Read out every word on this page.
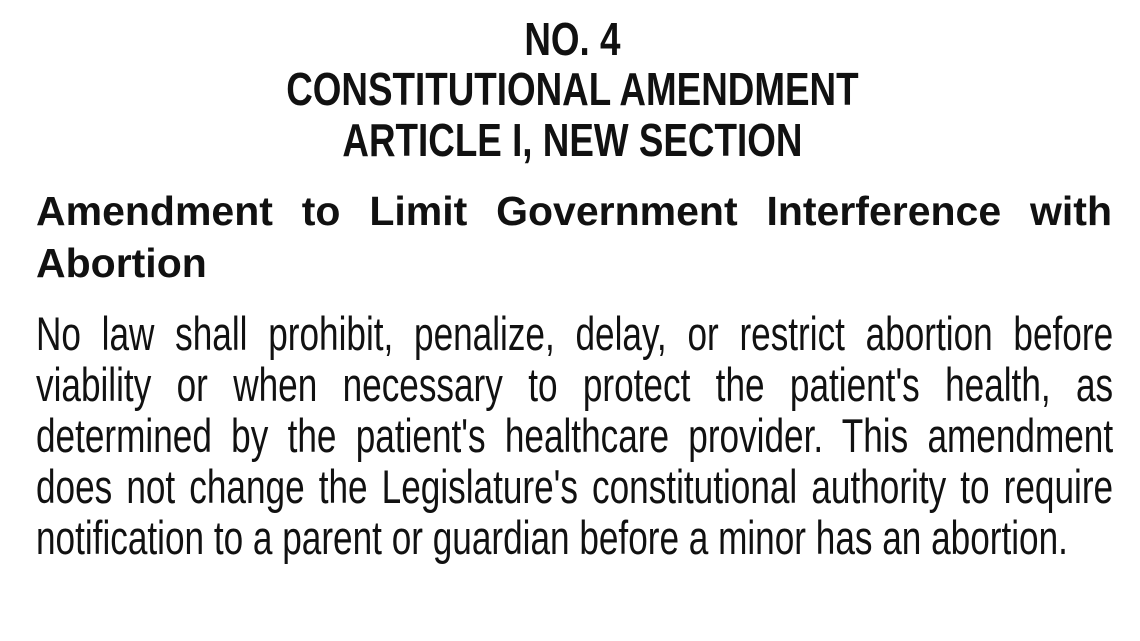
NO. 4
CONSTITUTIONAL AMENDMENT
ARTICLE I, NEW SECTION
Amendment to Limit Government Interference with Abortion
No law shall prohibit, penalize, delay, or restrict abortion before viability or when necessary to protect the patient's health, as determined by the patient's healthcare provider. This amendment does not change the Legislature's constitutional authority to require notification to a parent or guardian before a minor has an abortion.
